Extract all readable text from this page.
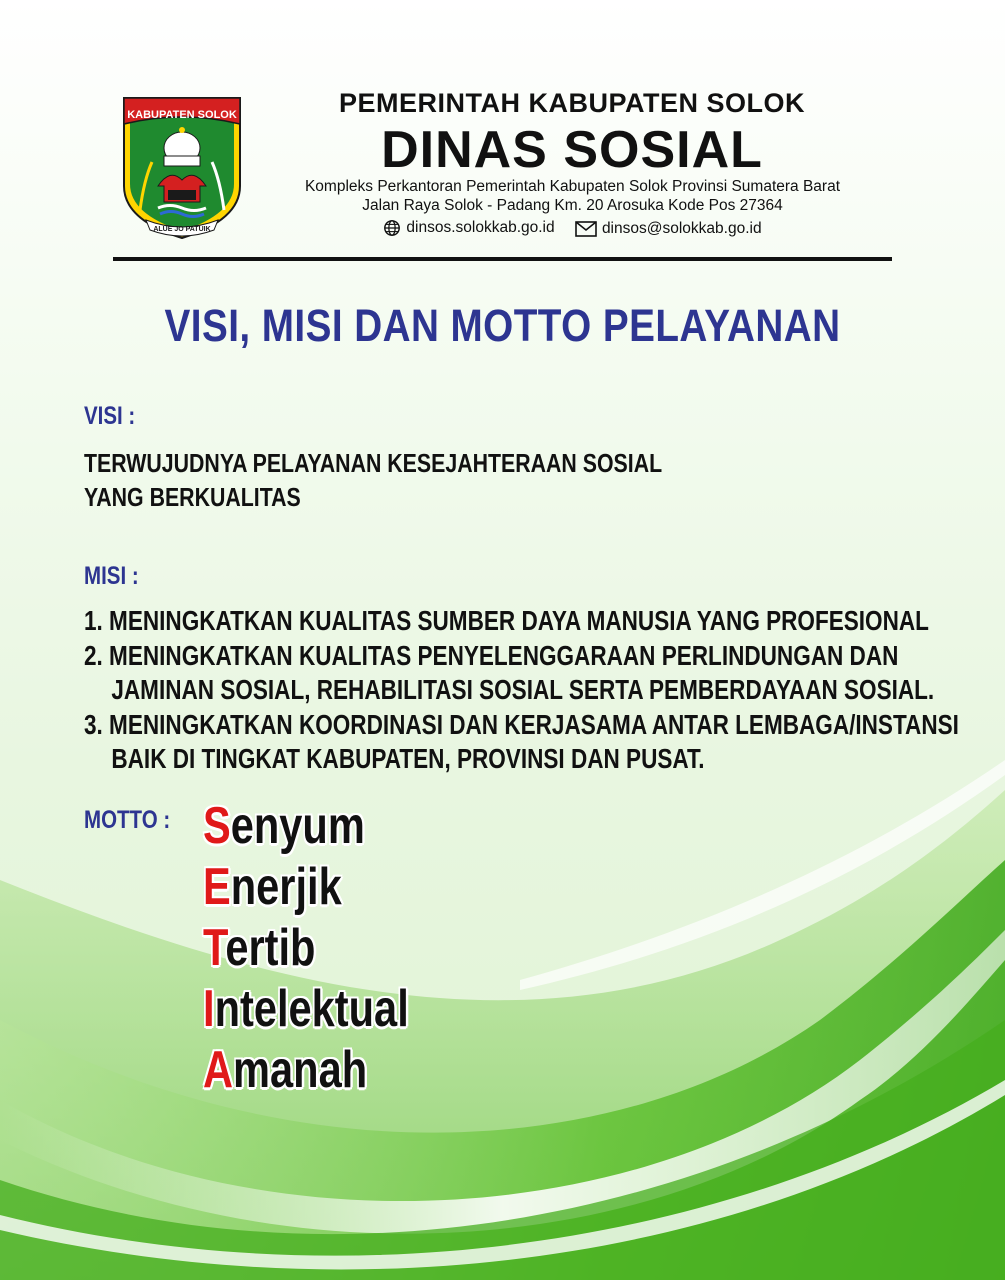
KABUPATEN SOLOK
ALUE JO PATUIK
PEMERINTAH KABUPATEN SOLOK
DINAS SOSIAL
Kompleks Perkantoran Pemerintah Kabupaten Solok Provinsi Sumatera Barat
Jalan Raya Solok - Padang Km. 20 Arosuka Kode Pos 27364
dinsos.solokkab.go.id
	dinsos@solokkab.go.id
VISI, MISI DAN MOTTO PELAYANAN
VISI :
TERWUJUDNYA PELAYANAN KESEJAHTERAAN SOSIAL
YANG BERKUALITAS
MISI :
1. MENINGKATKAN KUALITAS SUMBER DAYA MANUSIA YANG PROFESIONAL
2. MENINGKATKAN KUALITAS PENYELENGGARAAN PERLINDUNGAN DAN
JAMINAN SOSIAL, REHABILITASI SOSIAL SERTA PEMBERDAYAAN SOSIAL.
3. MENINGKATKAN KOORDINASI DAN KERJASAMA ANTAR LEMBAGA/INSTANSI
BAIK DI TINGKAT KABUPATEN, PROVINSI DAN PUSAT.
MOTTO : Senyum
Enerjik
Tertib
Intelektual
Amanah
